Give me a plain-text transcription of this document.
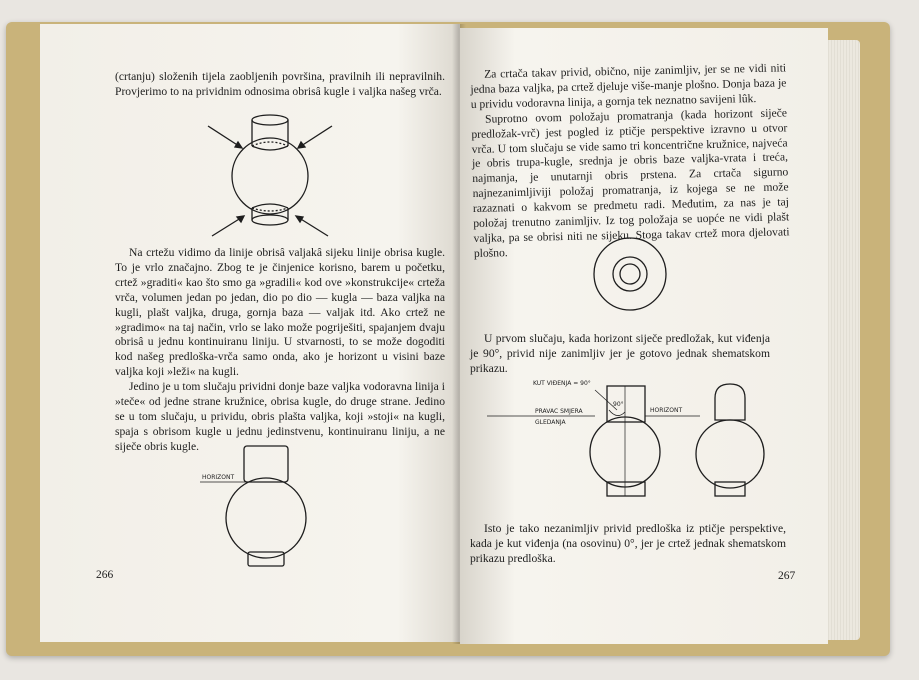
(crtanju) složenih tijela zaobljenih površina, pravilnih ili nepravilnih. Provjerimo to na prividnim odnosima obrisâ kugle i valjka našeg vrča.

Na crtežu vidimo da linije obrisâ valjakâ sijeku linije obrisa kugle. To je vrlo značajno. Zbog te je činjenice korisno, barem u početku, crtež »graditi« kao što smo ga »gradili« kod ove »konstrukcije« crteža vrča, volumen jedan po jedan, dio po dio — kugla — baza valjka na kugli, plašt valjka, druga, gornja baza — valjak itd. Ako crtež ne »gradimo« na taj način, vrlo se lako može pogriješiti, spajanjem dvaju obrisâ u jednu kontinuiranu liniju. U stvarnosti, to se može dogoditi kod našeg predloška-vrča samo onda, ako je horizont u visini baze valjka koji »leži« na kugli.

Jedino je u tom slučaju prividni donje baze valjka vodoravna linija i »teče« od jedne strane kružnice, obrisa kugle, do druge strane. Jedino se u tom slučaju, u prividu, obris plašta valjka, koji »stoji« na kugli, spaja s obrisom kugle u jednu jedinstvenu, kontinuiranu liniju, a ne siječe obris kugle.

HORIZONT
266

Za crtača takav privid, obično, nije zanimljiv, jer se ne vidi niti jedna baza valjka, pa crtež djeluje više-manje plošno. Donja baza je u prividu vodoravna linija, a gornja tek neznatno savijeni lûk.

Suprotno ovom položaju promatranja (kada horizont siječe predložak-vrč) jest pogled iz ptičje perspektive izravno u otvor vrča. U tom slučaju se vide samo tri koncentrične kružnice, najveća je obris trupa-kugle, srednja je obris baze valjka-vrata i treća, najmanja, je unutarnji obris prstena. Za crtača sigurno najnezanimljiviji položaj promatranja, iz kojega se ne može razaznati o kakvom se predmetu radi. Međutim, za nas je taj položaj trenutno zanimljiv. Iz tog položaja se uopće ne vidi plašt valjka, pa se obrisi niti ne sijeku. Stoga takav crtež mora djelovati plošno.

U prvom slučaju, kada horizont siječe predložak, kut viđenja je 90°, privid nije zanimljiv jer je gotovo jednak shematskom prikazu.

KUT VIĐENJA = 90°
PRAVAC SMJERA
GLEDANJA
HORIZONT
90°

Isto je tako nezanimljiv privid predloška iz ptičje perspektive, kada je kut viđenja (na osovinu) 0°, jer je crtež jednak shematskom prikazu predloška.

267
